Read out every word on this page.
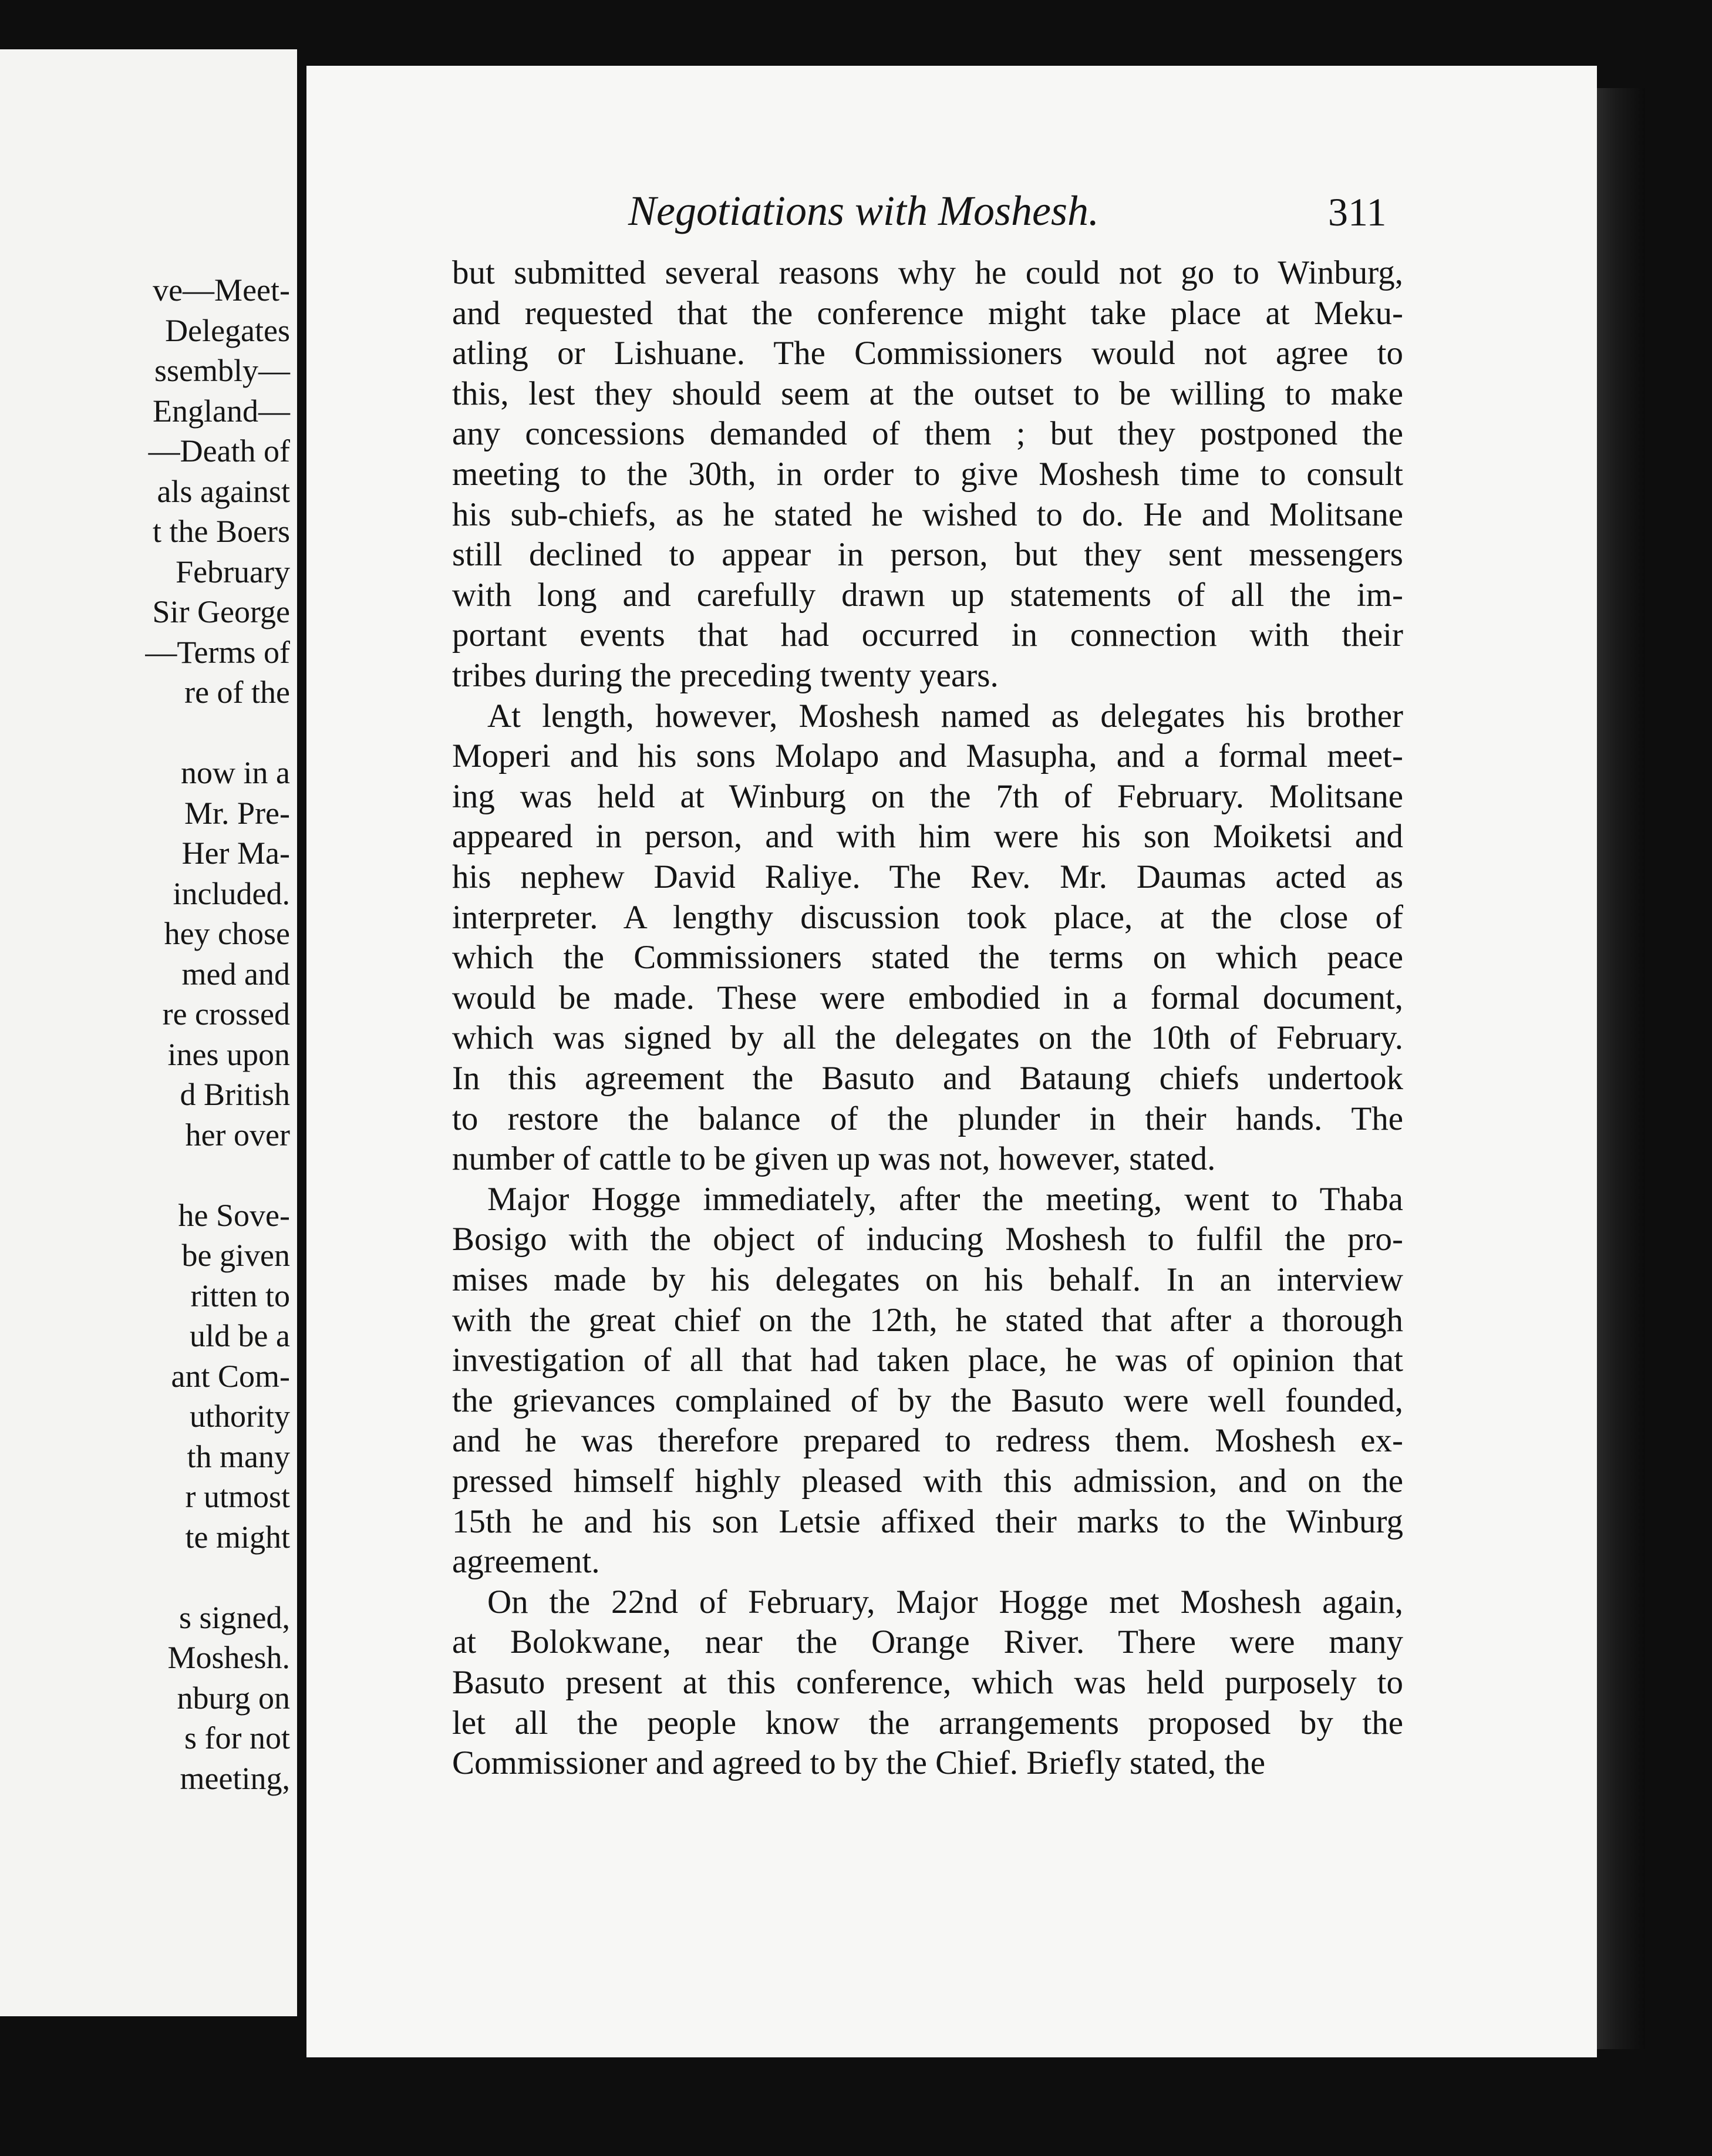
ve—Meet-
Delegates
ssembly—
England—
—Death of
als against
t the Boers
February
Sir George
—Terms of
re of the
now in a
Mr. Pre-
Her Ma-
included.
hey chose
med and
re crossed
ines upon
d British
her over
he Sove-
be given
ritten to
uld be a
ant Com-
uthority
th many
r utmost
te might
s signed,
Moshesh.
nburg on
s for not
meeting,
Negotiations with Moshesh.	311
but submitted several reasons why he could not go to Winburg,
and requested that the conference might take place at Meku-
atling or Lishuane. The Commissioners would not agree to
this, lest they should seem at the outset to be willing to make
any concessions demanded of them ; but they postponed the
meeting to the 30th, in order to give Moshesh time to consult
his sub-chiefs, as he stated he wished to do. He and Molitsane
still declined to appear in person, but they sent messengers
with long and carefully drawn up statements of all the im-
portant events that had occurred in connection with their
tribes during the preceding twenty years.
At length, however, Moshesh named as delegates his brother
Moperi and his sons Molapo and Masupha, and a formal meet-
ing was held at Winburg on the 7th of February. Molitsane
appeared in person, and with him were his son Moiketsi and
his nephew David Raliye. The Rev. Mr. Daumas acted as
interpreter. A lengthy discussion took place, at the close of
which the Commissioners stated the terms on which peace
would be made. These were embodied in a formal document,
which was signed by all the delegates on the 10th of February.
In this agreement the Basuto and Bataung chiefs undertook
to restore the balance of the plunder in their hands. The
number of cattle to be given up was not, however, stated.
Major Hogge immediately, after the meeting, went to Thaba
Bosigo with the object of inducing Moshesh to fulfil the pro-
mises made by his delegates on his behalf. In an interview
with the great chief on the 12th, he stated that after a thorough
investigation of all that had taken place, he was of opinion that
the grievances complained of by the Basuto were well founded,
and he was therefore prepared to redress them. Moshesh ex-
pressed himself highly pleased with this admission, and on the
15th he and his son Letsie affixed their marks to the Winburg
agreement.
On the 22nd of February, Major Hogge met Moshesh again,
at Bolokwane, near the Orange River. There were many
Basuto present at this conference, which was held purposely to
let all the people know the arrangements proposed by the
Commissioner and agreed to by the Chief. Briefly stated, the
